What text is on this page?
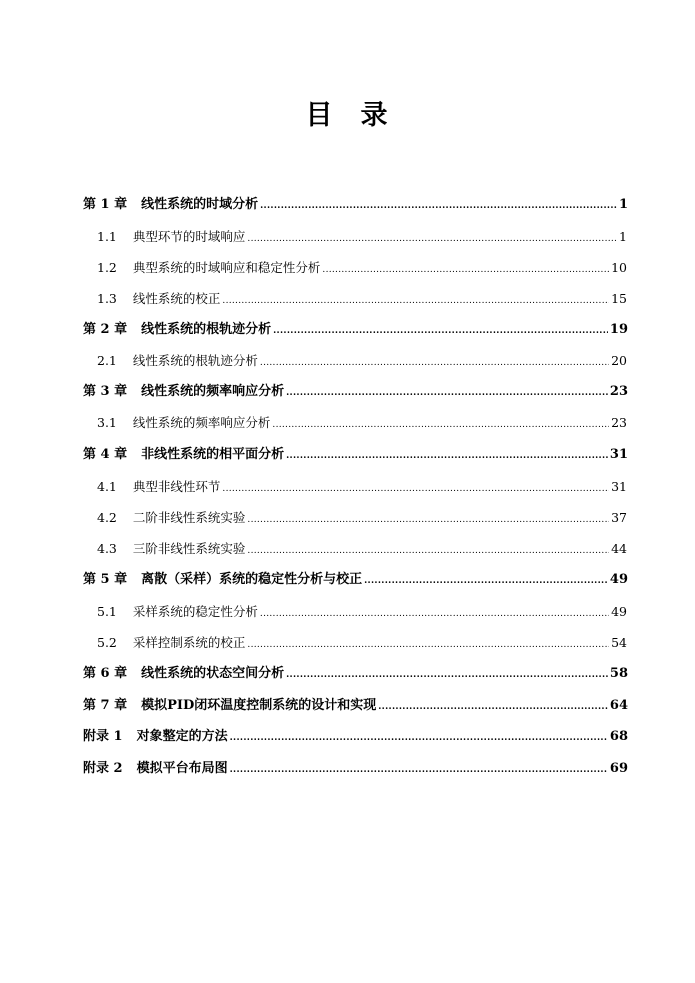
目 录
第 1 章 线性系统的时域分析 .....	1
1.1 典型环节的时域响应 .....	1
1.2 典型系统的时域响应和稳定性分析 .....	10
1.3 线性系统的校正 .....	15
第 2 章 线性系统的根轨迹分析 .....	19
2.1 线性系统的根轨迹分析 .....	20
第 3 章 线性系统的频率响应分析 .....	23
3.1 线性系统的频率响应分析 .....	23
第 4 章 非线性系统的相平面分析 .....	31
4.1 典型非线性环节 .....	31
4.2 二阶非线性系统实验 .....	37
4.3 三阶非线性系统实验 .....	44
第 5 章 离散（采样）系统的稳定性分析与校正 .....	49
5.1 采样系统的稳定性分析 .....	49
5.2 采样控制系统的校正 .....	54
第 6 章 线性系统的状态空间分析 .....	58
第 7 章 模拟PID闭环温度控制系统的设计和实现 .....	64
附录 1 对象整定的方法 .....	68
附录 2 模拟平台布局图 .....	69
